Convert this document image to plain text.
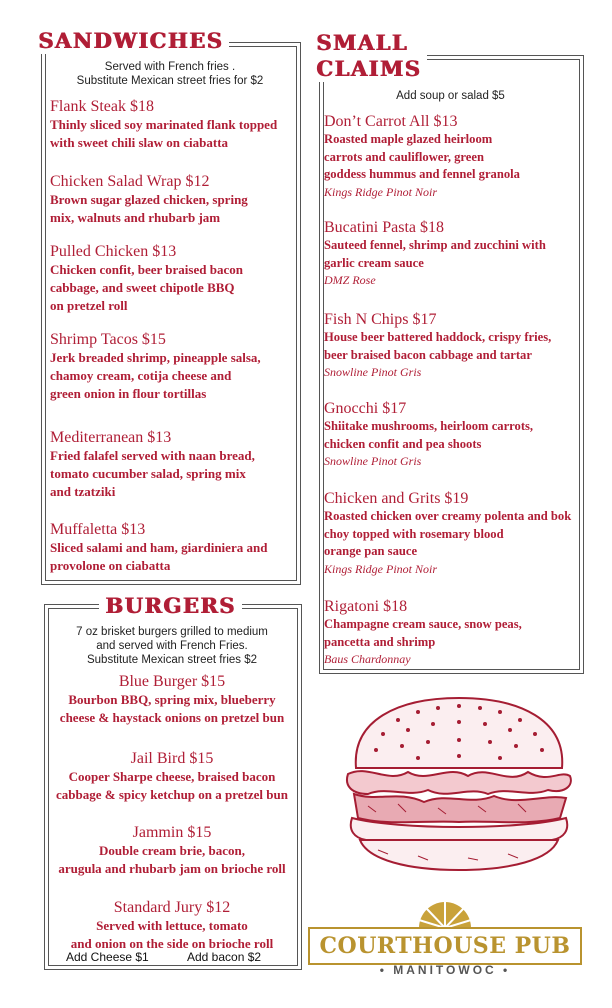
SANDWICHES
Served with French fries .
Substitute Mexican street fries for $2
Flank Steak $18
Thinly sliced soy marinated flank topped
with sweet chili slaw on ciabatta
Chicken Salad Wrap $12
Brown sugar glazed chicken, spring
mix, walnuts and rhubarb jam
Pulled Chicken $13
Chicken confit, beer braised bacon
cabbage, and sweet chipotle BBQ
on pretzel roll
Shrimp Tacos $15
Jerk breaded shrimp, pineapple salsa,
chamoy cream, cotija cheese and
green onion in flour tortillas
Mediterranean $13
Fried falafel served with naan bread,
tomato cucumber salad, spring mix
and tzatziki
Muffaletta $13
Sliced salami and ham, giardiniera and
provolone on ciabatta
SMALL
CLAIMS
Add soup or salad $5
Don’t Carrot All $13
Roasted maple glazed heirloom
carrots and cauliflower, green
goddess hummus and fennel granola
Kings Ridge Pinot Noir
Bucatini Pasta $18
Sauteed fennel, shrimp and zucchini with
garlic cream sauce
DMZ Rose
Fish N Chips $17
House beer battered haddock, crispy fries,
beer braised bacon cabbage and tartar
Snowline Pinot Gris
Gnocchi $17
Shiitake mushrooms, heirloom carrots,
chicken confit and pea shoots
Snowline Pinot Gris
Chicken and Grits $19
Roasted chicken over creamy polenta and bok
choy topped with rosemary blood
orange pan sauce
Kings Ridge Pinot Noir
Rigatoni $18
Champagne cream sauce, snow peas,
pancetta and shrimp
Baus Chardonnay
BURGERS
7 oz brisket burgers grilled to medium
and served with French Fries.
Substitute Mexican street fries $2
Blue Burger $15
Bourbon BBQ, spring mix, blueberry
cheese & haystack onions on pretzel bun
Jail Bird $15
Cooper Sharpe cheese, braised bacon
cabbage & spicy ketchup on a pretzel bun
Jammin $15
Double cream brie, bacon,
arugula and rhubarb jam on brioche roll
Standard Jury $12
Served with lettuce, tomato
and onion on the side on brioche roll
Add Cheese $1	Add bacon $2	COURTHOUSE PUB
• MANITOWOC •
